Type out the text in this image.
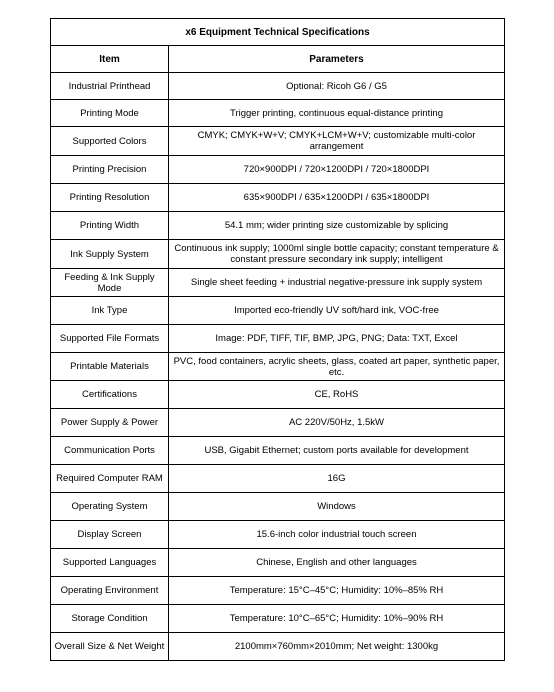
x6 Equipment Technical Specifications	
Item	Parameters
Industrial Printhead	Optional: Ricoh G6 / G5
Printing Mode	Trigger printing, continuous equal-distance printing
Supported Colors	CMYK; CMYK+W+V; CMYK+LCM+W+V; customizable multi-color arrangement
Printing Precision	720×900DPI / 720×1200DPI / 720×1800DPI
Printing Resolution	635×900DPI / 635×1200DPI / 635×1800DPI
Printing Width	54.1 mm; wider printing size customizable by splicing
Ink Supply System	Continuous ink supply; 1000ml single bottle capacity; constant temperature & constant pressure secondary ink supply; intelligent
Feeding & Ink Supply Mode	Single sheet feeding + industrial negative-pressure ink supply system
Ink Type	Imported eco-friendly UV soft/hard ink, VOC-free
Supported File Formats	Image: PDF, TIFF, TIF, BMP, JPG, PNG; Data: TXT, Excel
Printable Materials	PVC, food containers, acrylic sheets, glass, coated art paper, synthetic paper, etc.
Certifications	CE, RoHS
Power Supply & Power	AC 220V/50Hz, 1.5kW
Communication Ports	USB, Gigabit Ethernet; custom ports available for development
Required Computer RAM	16G
Operating System	Windows
Display Screen	15.6-inch color industrial touch screen
Supported Languages	Chinese, English and other languages
Operating Environment	Temperature: 15°C–45°C; Humidity: 10%–85% RH
Storage Condition	Temperature: 10°C–65°C; Humidity: 10%–90% RH
Overall Size & Net Weight	2100mm×760mm×2010mm; Net weight: 1300kg
